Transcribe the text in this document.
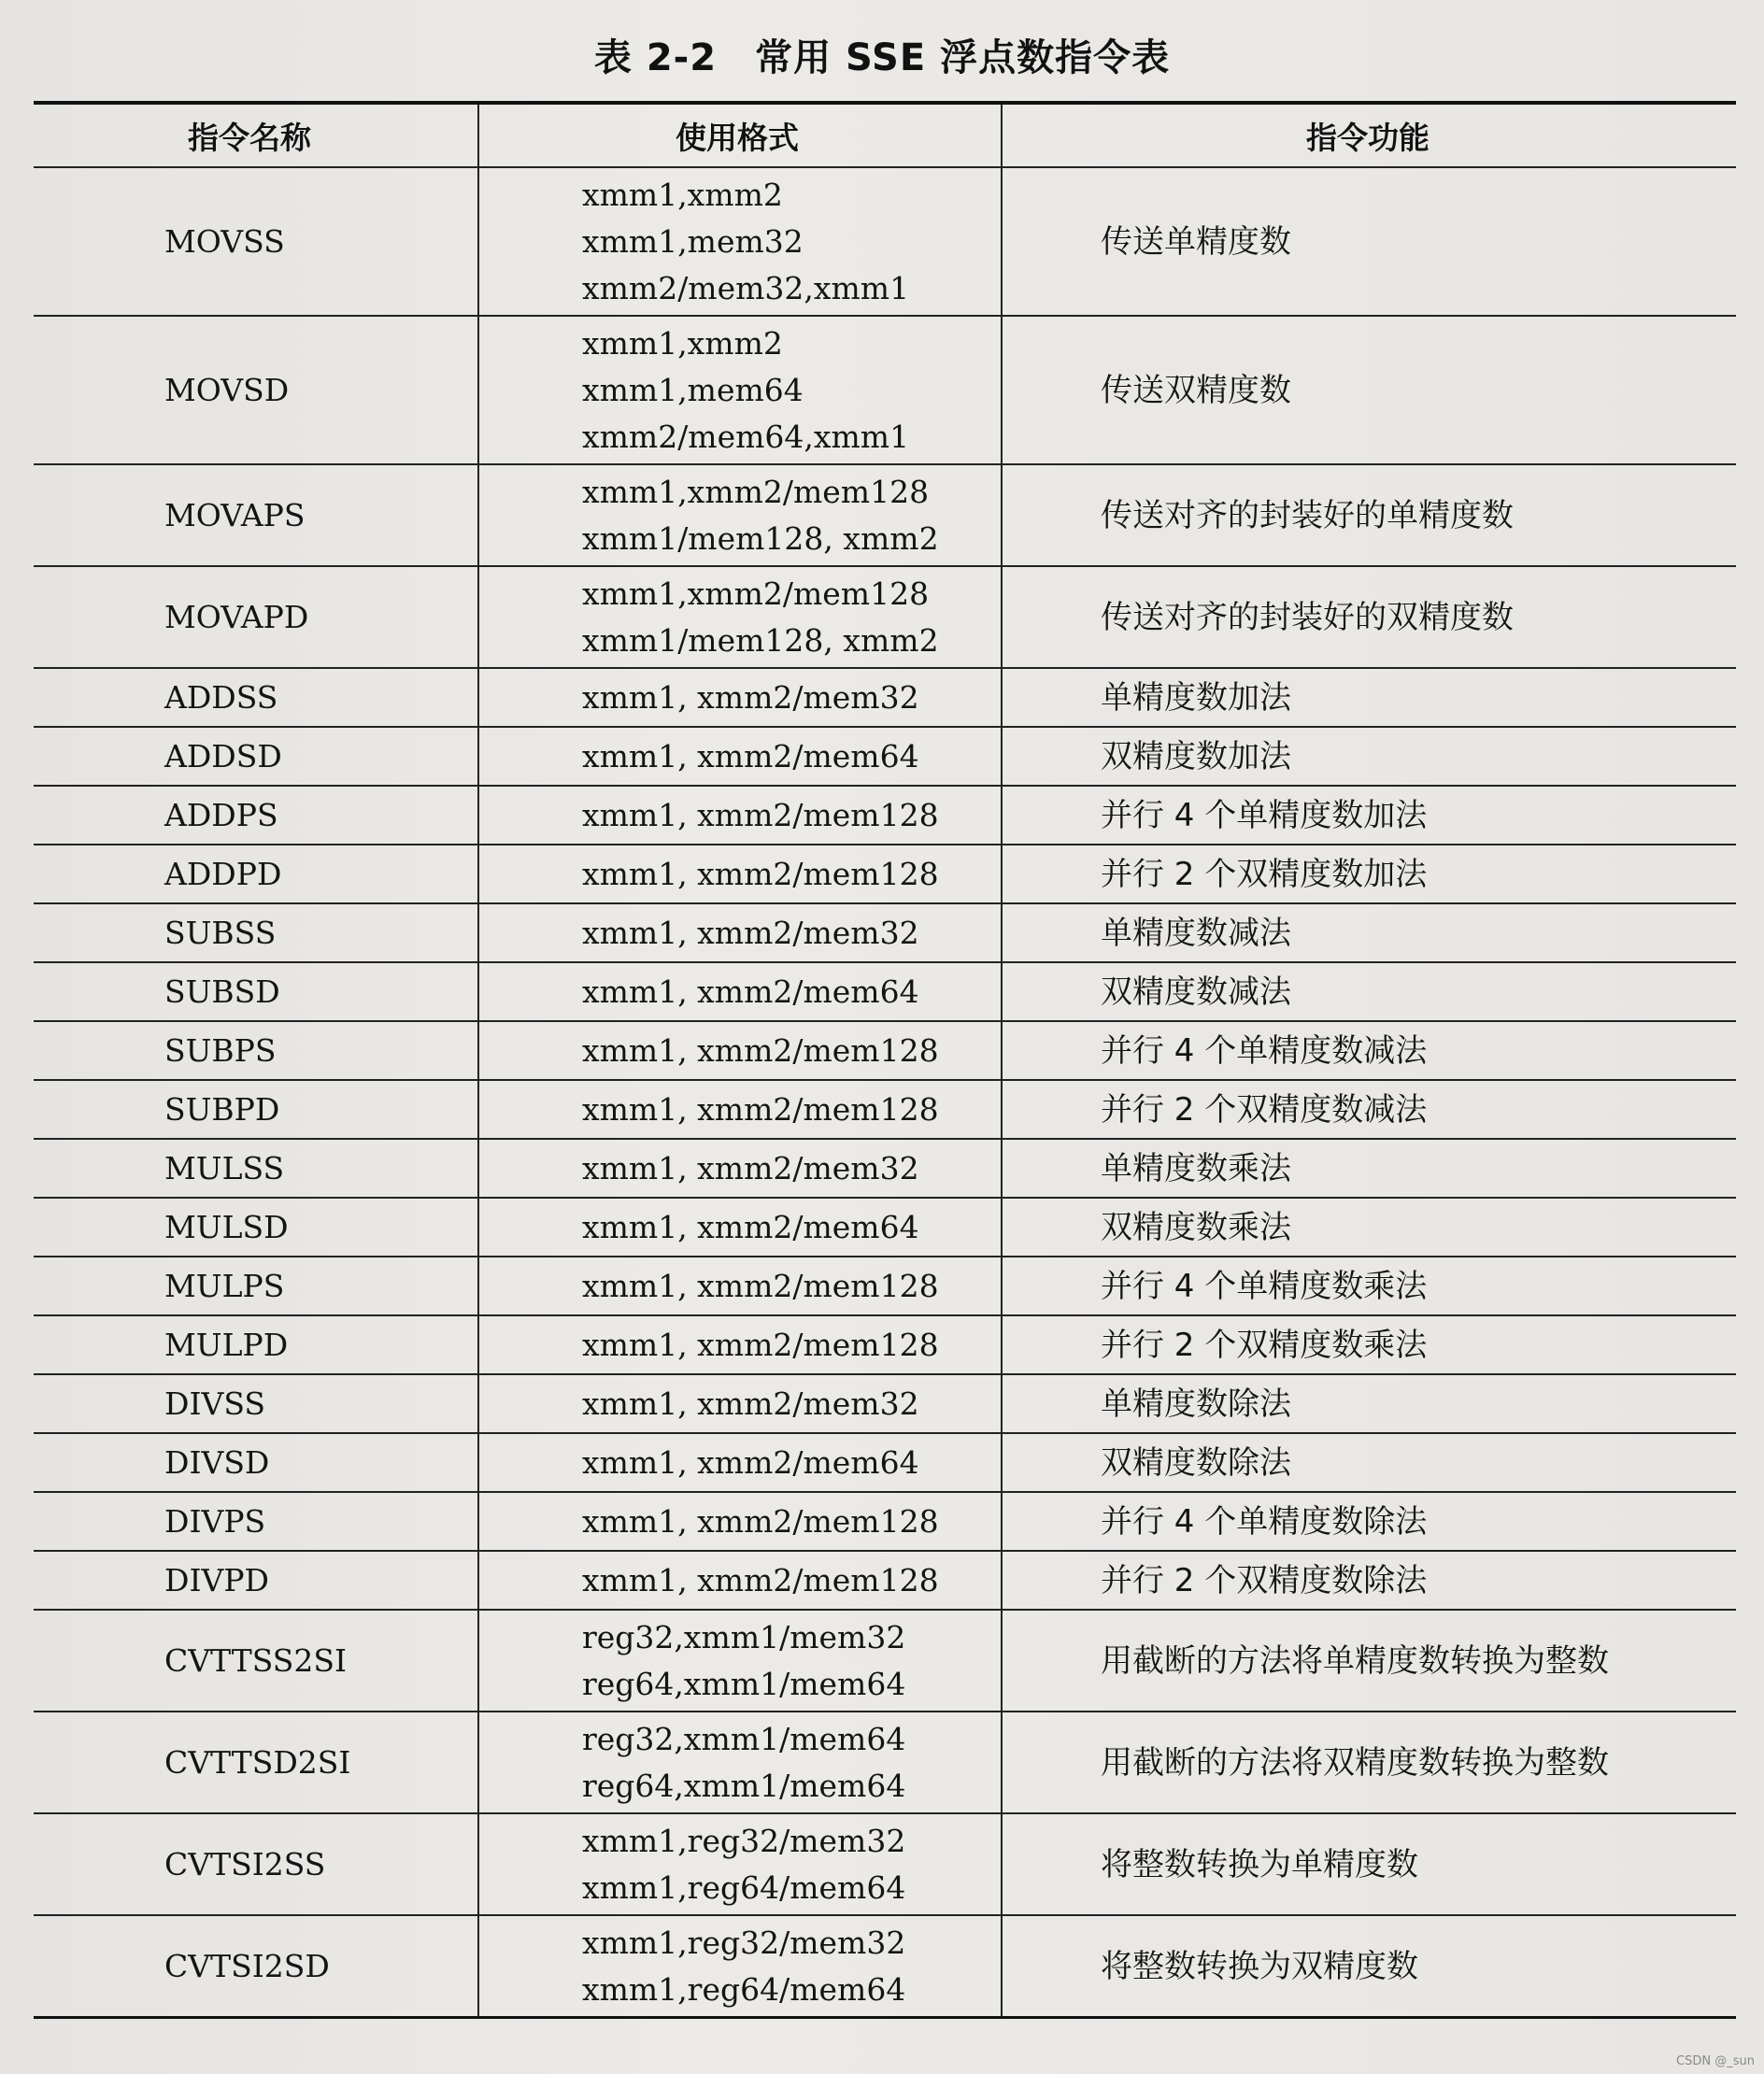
表 2-2　常用 SSE 浮点数指令表
指令名称	使用格式	指令功能
MOVSS	xmm1,xmm2
xmm1,mem32
xmm2/mem32,xmm1	传送单精度数
MOVSD	xmm1,xmm2
xmm1,mem64
xmm2/mem64,xmm1	传送双精度数
MOVAPS	xmm1,xmm2/mem128
xmm1/mem128, xmm2	传送对齐的封装好的单精度数
MOVAPD	xmm1,xmm2/mem128
xmm1/mem128, xmm2	传送对齐的封装好的双精度数
ADDSS	xmm1, xmm2/mem32	单精度数加法
ADDSD	xmm1, xmm2/mem64	双精度数加法
ADDPS	xmm1, xmm2/mem128	并行 4 个单精度数加法
ADDPD	xmm1, xmm2/mem128	并行 2 个双精度数加法
SUBSS	xmm1, xmm2/mem32	单精度数减法
SUBSD	xmm1, xmm2/mem64	双精度数减法
SUBPS	xmm1, xmm2/mem128	并行 4 个单精度数减法
SUBPD	xmm1, xmm2/mem128	并行 2 个双精度数减法
MULSS	xmm1, xmm2/mem32	单精度数乘法
MULSD	xmm1, xmm2/mem64	双精度数乘法
MULPS	xmm1, xmm2/mem128	并行 4 个单精度数乘法
MULPD	xmm1, xmm2/mem128	并行 2 个双精度数乘法
DIVSS	xmm1, xmm2/mem32	单精度数除法
DIVSD	xmm1, xmm2/mem64	双精度数除法
DIVPS	xmm1, xmm2/mem128	并行 4 个单精度数除法
DIVPD	xmm1, xmm2/mem128	并行 2 个双精度数除法
CVTTSS2SI	reg32,xmm1/mem32
reg64,xmm1/mem64	用截断的方法将单精度数转换为整数
CVTTSD2SI	reg32,xmm1/mem64
reg64,xmm1/mem64	用截断的方法将双精度数转换为整数
CVTSI2SS	xmm1,reg32/mem32
xmm1,reg64/mem64	将整数转换为单精度数
CVTSI2SD	xmm1,reg32/mem32
xmm1,reg64/mem64	将整数转换为双精度数
CSDN @_sun
